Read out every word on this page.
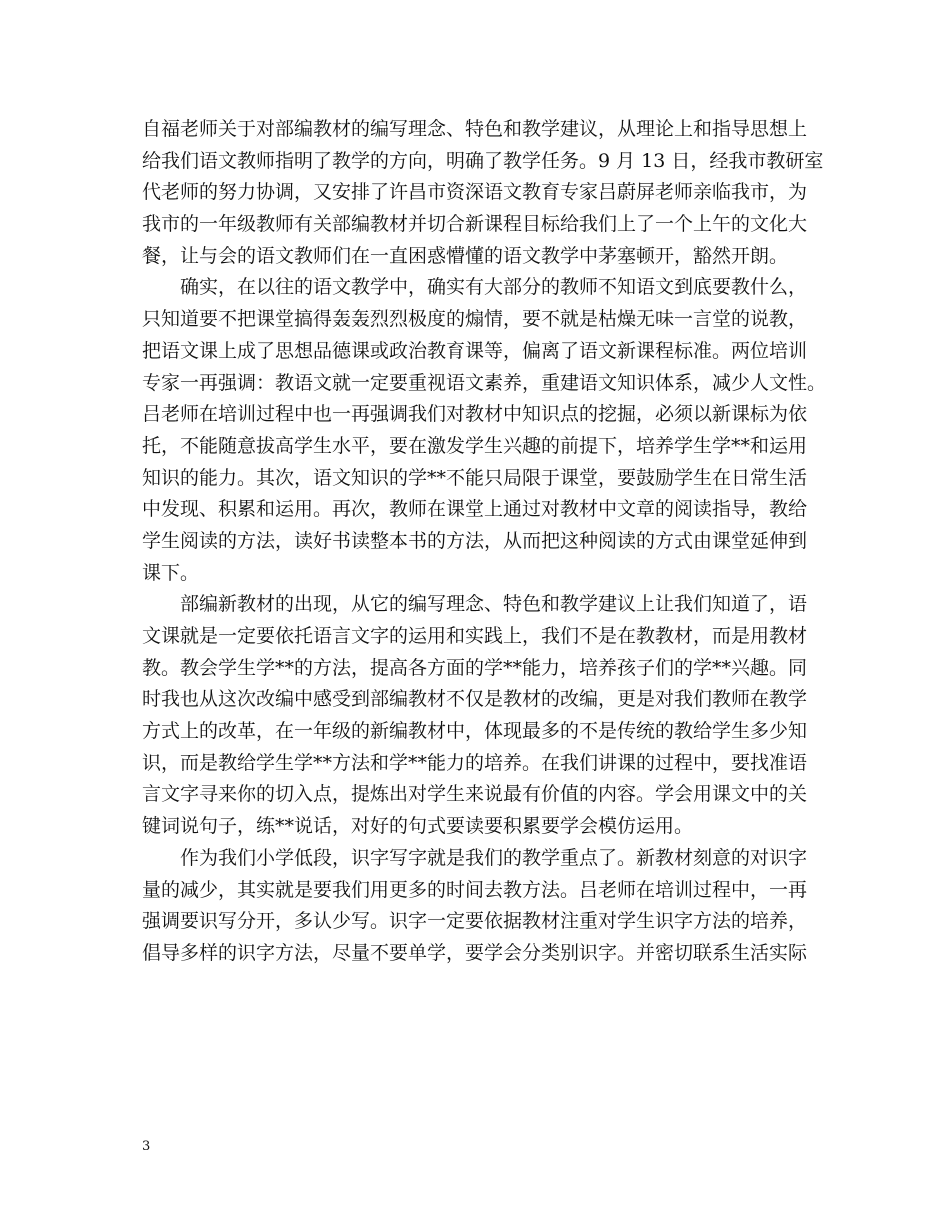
自福老师关于对部编教材的编写理念、特色和教学建议，从理论上和指导思想上
给我们语文教师指明了教学的方向，明确了教学任务。9 月 13 日，经我市教研室
代老师的努力协调，又安排了许昌市资深语文教育专家吕蔚屏老师亲临我市，为
我市的一年级教师有关部编教材并切合新课程目标给我们上了一个上午的文化大
餐，让与会的语文教师们在一直困惑懵懂的语文教学中茅塞顿开，豁然开朗。
确实，在以往的语文教学中，确实有大部分的教师不知语文到底要教什么，
只知道要不把课堂搞得轰轰烈烈极度的煽情，要不就是枯燥无味一言堂的说教，
把语文课上成了思想品德课或政治教育课等，偏离了语文新课程标准。两位培训
专家一再强调：教语文就一定要重视语文素养，重建语文知识体系，减少人文性。
吕老师在培训过程中也一再强调我们对教材中知识点的挖掘，必须以新课标为依
托，不能随意拔高学生水平，要在激发学生兴趣的前提下，培养学生学**和运用
知识的能力。其次，语文知识的学**不能只局限于课堂，要鼓励学生在日常生活
中发现、积累和运用。再次，教师在课堂上通过对教材中文章的阅读指导，教给
学生阅读的方法，读好书读整本书的方法，从而把这种阅读的方式由课堂延伸到
课下。
部编新教材的出现，从它的编写理念、特色和教学建议上让我们知道了，语
文课就是一定要依托语言文字的运用和实践上，我们不是在教教材，而是用教材
教。教会学生学**的方法，提高各方面的学**能力，培养孩子们的学**兴趣。同
时我也从这次改编中感受到部编教材不仅是教材的改编，更是对我们教师在教学
方式上的改革，在一年级的新编教材中，体现最多的不是传统的教给学生多少知
识，而是教给学生学**方法和学**能力的培养。在我们讲课的过程中，要找准语
言文字寻来你的切入点，提炼出对学生来说最有价值的内容。学会用课文中的关
键词说句子，练**说话，对好的句式要读要积累要学会模仿运用。
作为我们小学低段，识字写字就是我们的教学重点了。新教材刻意的对识字
量的减少，其实就是要我们用更多的时间去教方法。吕老师在培训过程中，一再
强调要识写分开，多认少写。识字一定要依据教材注重对学生识字方法的培养，
倡导多样的识字方法，尽量不要单学，要学会分类别识字。并密切联系生活实际
3
